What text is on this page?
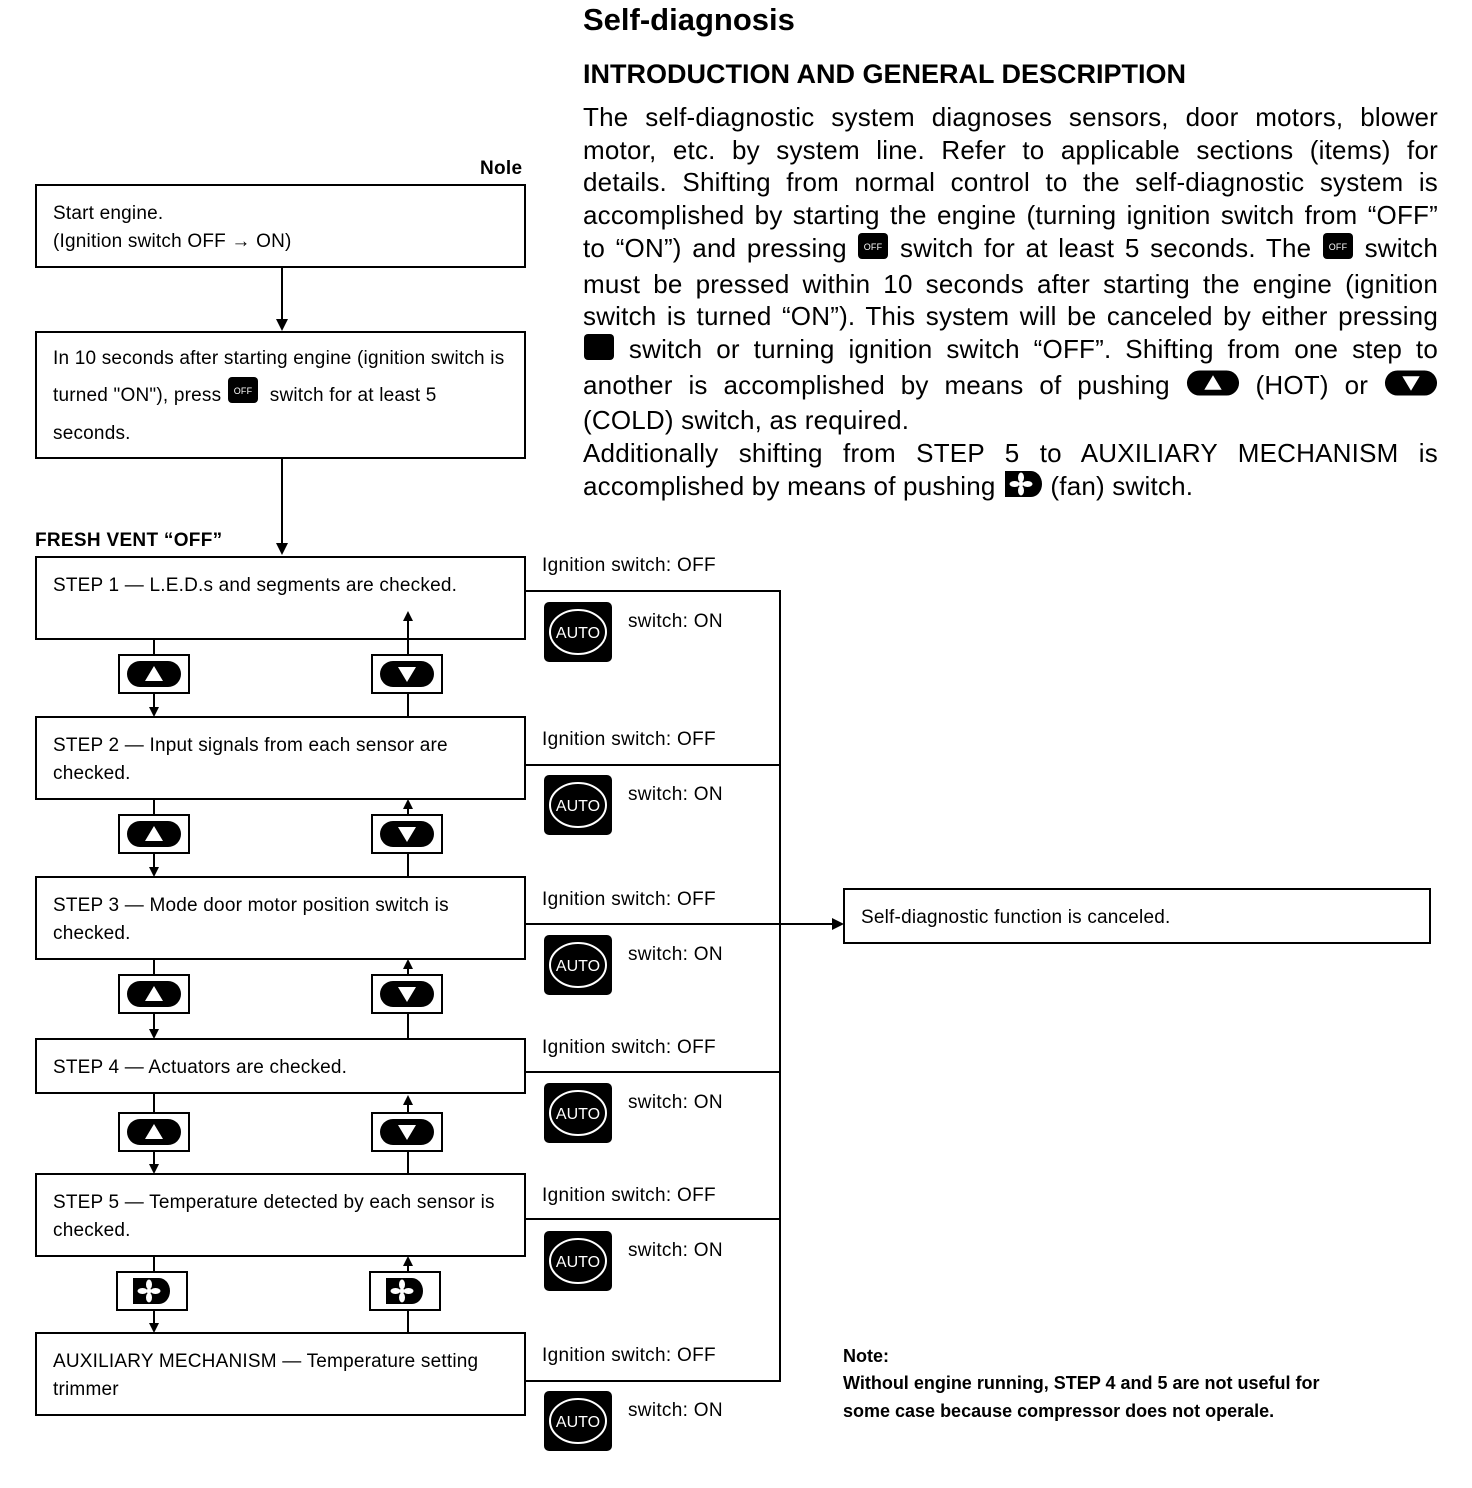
Self-diagnosis
INTRODUCTION AND GENERAL DESCRIPTION
The self-diagnostic system diagnoses sensors, door motors, blower motor, etc. by system line. Refer to applicable sections (items) for details. Shifting from normal control to the self-diagnostic system is accomplished by starting the engine (turning ignition switch from “OFF” to “ON”) and pressing OFF switch for at least 5 seconds. The OFF switch must be pressed within 10 seconds after starting the engine (ignition switch is turned “ON”). This system will be canceled by either pressing  switch or turning ignition switch “OFF”. Shifting from one step to another is accomplished by means of pushing	(HOT) or  (COLD) switch, as required.
Additionally shifting from STEP 5 to AUXILIARY MECHANISM is accomplished by means of pushing (fan) switch.
Nole
Start engine.
(Ignition switch OFF → ON)
In 10 seconds after starting engine (ignition switch is turned "ON"), press OFF switch for at least 5 seconds.
FRESH VENT “OFF”
STEP 1 — L.E.D.s and segments are checked.
STEP 2 — Input signals from each sensor are checked.
STEP 3 — Mode door motor position switch is checked.
STEP 4 — Actuators are checked.
STEP 5 — Temperature detected by each sensor is checked.
AUXILIARY MECHANISM — Temperature setting trimmer
Ignition switch: OFF
Ignition switch: OFF
Ignition switch: OFF
Ignition switch: OFF
Ignition switch: OFF
Ignition switch: OFF
Self-diagnostic function is canceled.
AUTO
switch: ON
AUTO
switch: ON
AUTO
switch: ON
AUTO
switch: ON
AUTO
switch: ON
AUTO
switch: ON
Note:
Withoul engine running, STEP 4 and 5 are not useful for
some case because compressor does not operale.
